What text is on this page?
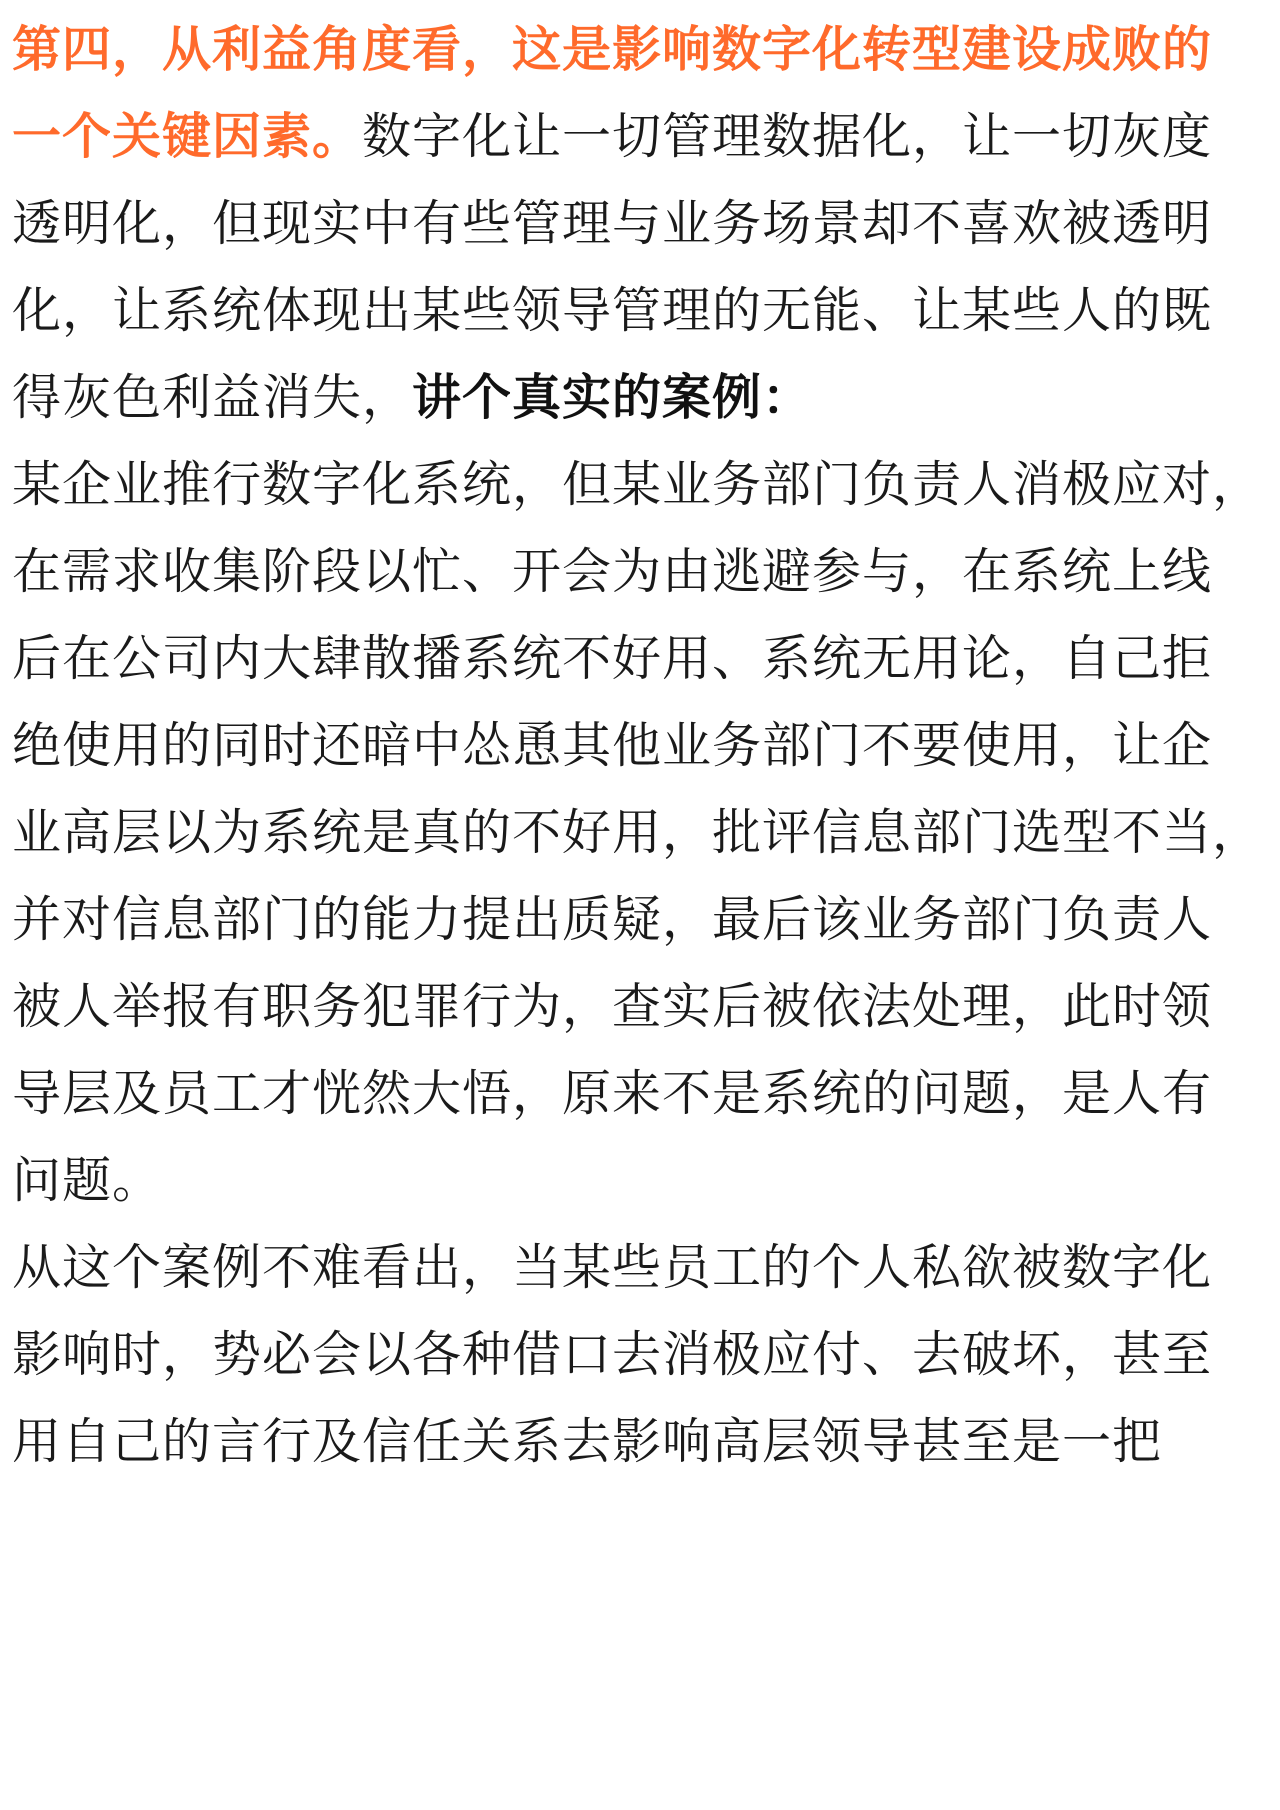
第四，从利益角度看，这是影响数字化转型建设成败的
一个关键因素。数字化让一切管理数据化，让一切灰度
透明化，但现实中有些管理与业务场景却不喜欢被透明
化，让系统体现出某些领导管理的无能、让某些人的既
得灰色利益消失，讲个真实的案例：
某企业推行数字化系统，但某业务部门负责人消极应对，
在需求收集阶段以忙、开会为由逃避参与，在系统上线
后在公司内大肆散播系统不好用、系统无用论，自己拒
绝使用的同时还暗中怂恿其他业务部门不要使用，让企
业高层以为系统是真的不好用，批评信息部门选型不当，
并对信息部门的能力提出质疑，最后该业务部门负责人
被人举报有职务犯罪行为，查实后被依法处理，此时领
导层及员工才恍然大悟，原来不是系统的问题，是人有
问题。
从这个案例不难看出，当某些员工的个人私欲被数字化
影响时，势必会以各种借口去消极应付、去破坏，甚至
用自己的言行及信任关系去影响高层领导甚至是一把
